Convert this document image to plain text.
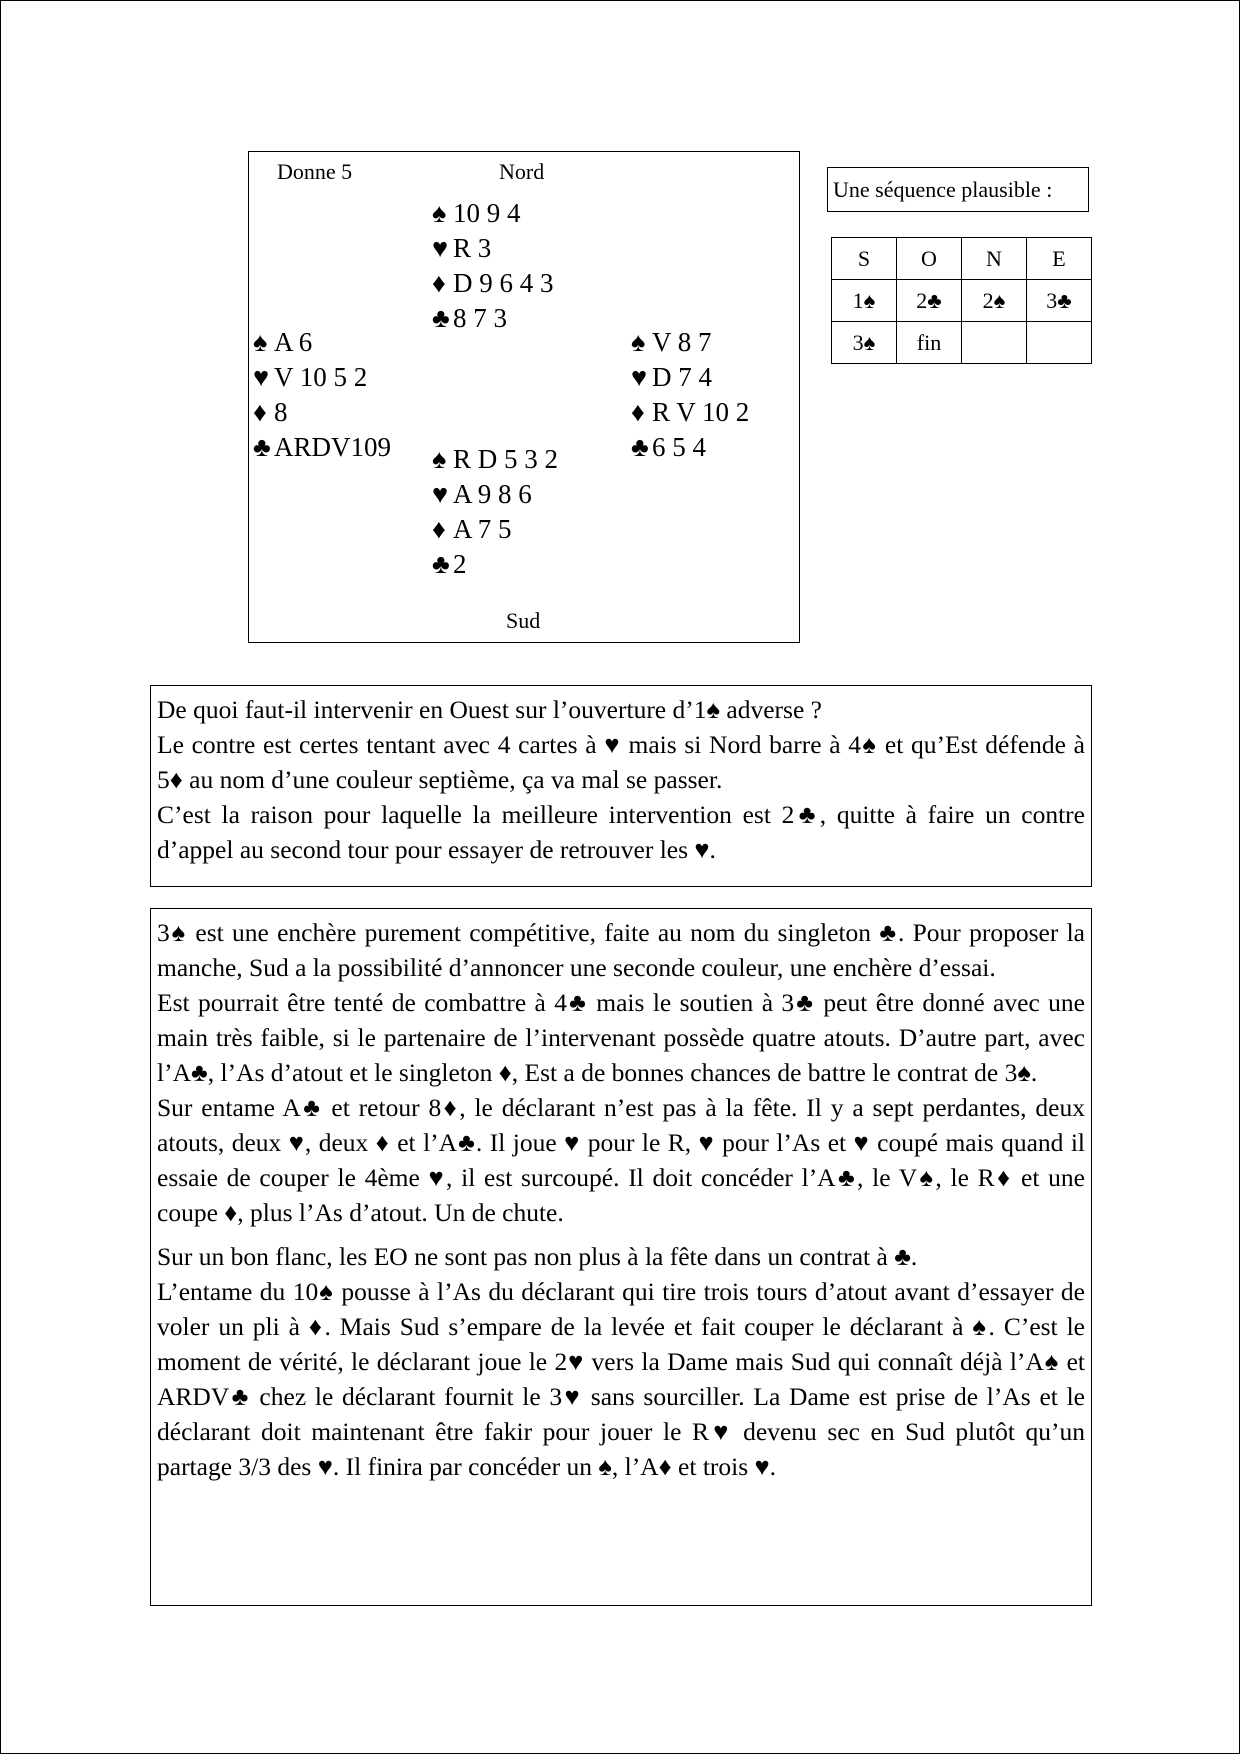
Donne 5	Nord
♠ 10 9 4
♥ R 3
♦ D 9 6 4 3
♣ 8 7 3
♠ A 6
♥ V 10 5 2
♦ 8
♣ ARDV109
♠ V 8 7
♥ D 7 4
♦ R V 10 2
♣ 6 5 4
♠ R D 5 3 2
♥ A 9 8 6
♦ A 7 5
♣ 2
Sud
Une séquence plausible :
S	O	N	E
1♠	2♣	2♠	3♣
3♠	fin		

De quoi faut-il intervenir en Ouest sur l’ouverture d’1♠ adverse ?

Le contre est certes tentant avec 4 cartes à ♥ mais si Nord barre à 4♠ et qu’Est défende à 5♦ au nom d’une couleur septième, ça va mal se passer.

C’est la raison pour laquelle la meilleure intervention est 2♣, quitte à faire un contre d’appel au second tour pour essayer de retrouver les ♥.

3♠ est une enchère purement compétitive, faite au nom du singleton ♣. Pour proposer la manche, Sud a la possibilité d’annoncer une seconde couleur, une enchère d’essai.

Est pourrait être tenté de combattre à 4♣ mais le soutien à 3♣ peut être donné avec une main très faible, si le partenaire de l’intervenant possède quatre atouts. D’autre part, avec l’A♣, l’As d’atout et le singleton ♦, Est a de bonnes chances de battre le contrat de 3♠.

Sur entame A♣ et retour 8♦, le déclarant n’est pas à la fête. Il y a sept perdantes, deux atouts, deux ♥, deux ♦ et l’A♣. Il joue ♥ pour le R, ♥ pour l’As et ♥ coupé mais quand il essaie de couper le 4ème ♥, il est surcoupé. Il doit concéder l’A♣, le V♠, le R♦ et une coupe ♦, plus l’As d’atout. Un de chute.

Sur un bon flanc, les EO ne sont pas non plus à la fête dans un contrat à ♣.

L’entame du 10♠ pousse à l’As du déclarant qui tire trois tours d’atout avant d’essayer de voler un pli à ♦. Mais Sud s’empare de la levée et fait couper le déclarant à ♠. C’est le moment de vérité, le déclarant joue le 2♥ vers la Dame mais Sud qui connaît déjà l’A♠ et ARDV♣ chez le déclarant fournit le 3♥ sans sourciller. La Dame est prise de l’As et le déclarant doit maintenant être fakir pour jouer le R♥ devenu sec en Sud plutôt qu’un partage 3/3 des ♥. Il finira par concéder un ♠, l’A♦ et trois ♥.
